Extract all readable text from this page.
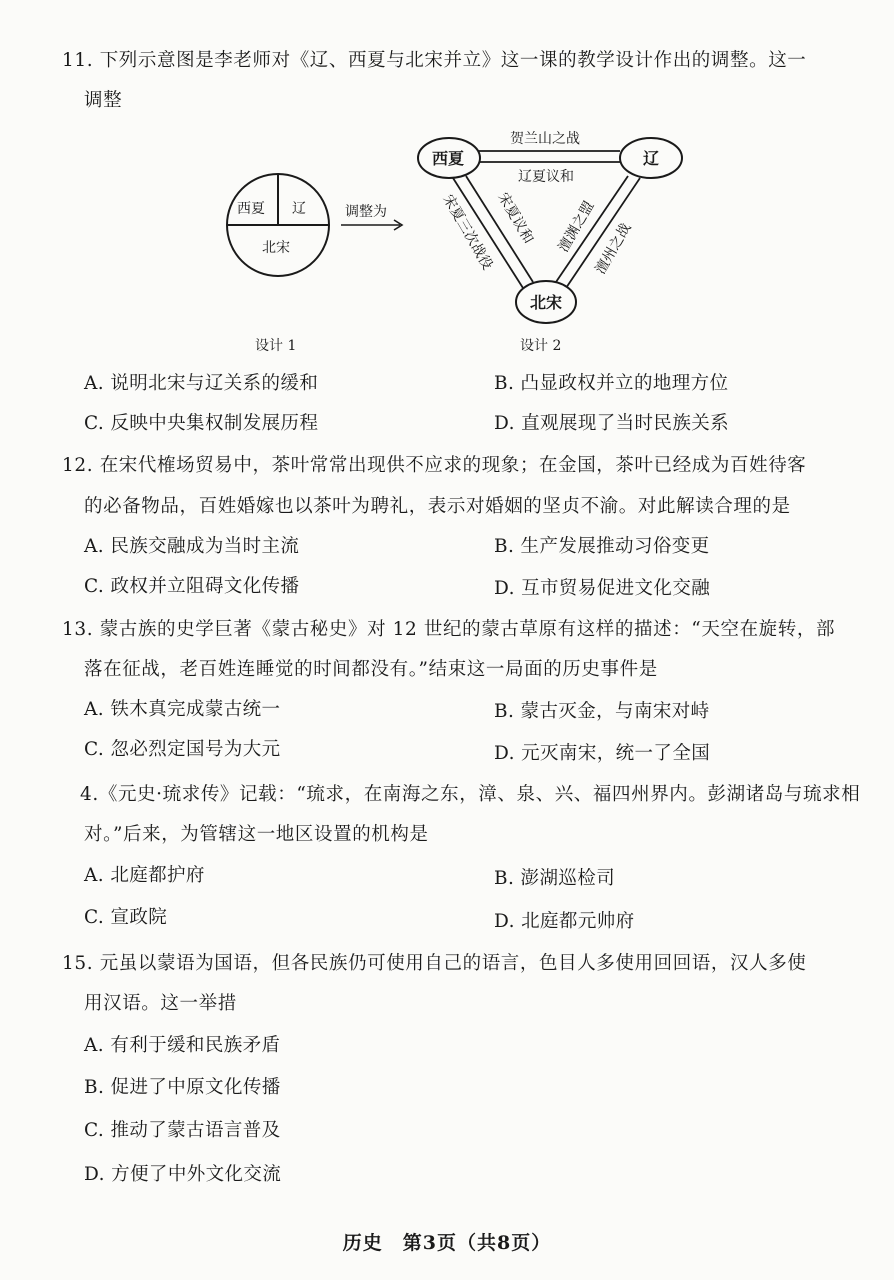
11. 下列示意图是李老师对《辽、西夏与北宋并立》这一课的教学设计作出的调整。这一
调整
西夏 辽
北宋
设计 1
调整为
西夏	辽
北宋
贺兰山之战
辽夏议和
宋夏三次战役 宋夏议和 澶渊之盟
澶州之战
设计 2
A. 说明北宋与辽关系的缓和	B. 凸显政权并立的地理方位
C. 反映中央集权制发展历程	D. 直观展现了当时民族关系
12. 在宋代榷场贸易中，茶叶常常出现供不应求的现象；在金国，茶叶已经成为百姓待客
的必备物品，百姓婚嫁也以茶叶为聘礼，表示对婚姻的坚贞不渝。对此解读合理的是
A. 民族交融成为当时主流	B. 生产发展推动习俗变更
C. 政权并立阻碍文化传播	D. 互市贸易促进文化交融
13. 蒙古族的史学巨著《蒙古秘史》对 12 世纪的蒙古草原有这样的描述：“天空在旋转，部
落在征战，老百姓连睡觉的时间都没有。”结束这一局面的历史事件是
A. 铁木真完成蒙古统一	B. 蒙古灭金，与南宋对峙
C. 忽必烈定国号为大元	D. 元灭南宋，统一了全国
4.《元史·琉求传》记载：“琉求，在南海之东，漳、泉、兴、福四州界内。彭湖诸岛与琉求相
对。”后来，为管辖这一地区设置的机构是
A. 北庭都护府	B. 澎湖巡检司
C. 宣政院	D. 北庭都元帅府
15. 元虽以蒙语为国语，但各民族仍可使用自己的语言，色目人多使用回回语，汉人多使
用汉语。这一举措
A. 有利于缓和民族矛盾
B. 促进了中原文化传播
C. 推动了蒙古语言普及
D. 方便了中外文化交流
历史　第3页（共8页）
